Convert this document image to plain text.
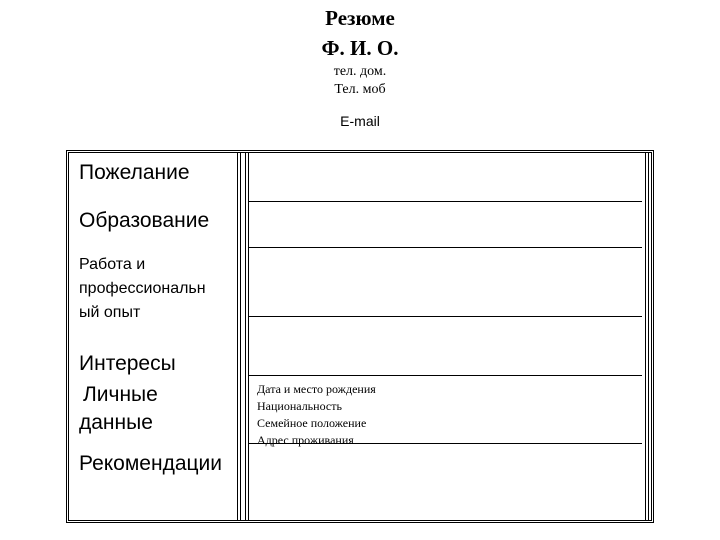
Резюме
Ф. И. О.
тел. дом.
Тел. моб
E-mail
Пожелание
Образование
Работа и
профессиональн
ый опыт
Интересы
Личные
данные
Рекомендации
Дата и место рождения
Национальность
Семейное положение
Адрес проживания
